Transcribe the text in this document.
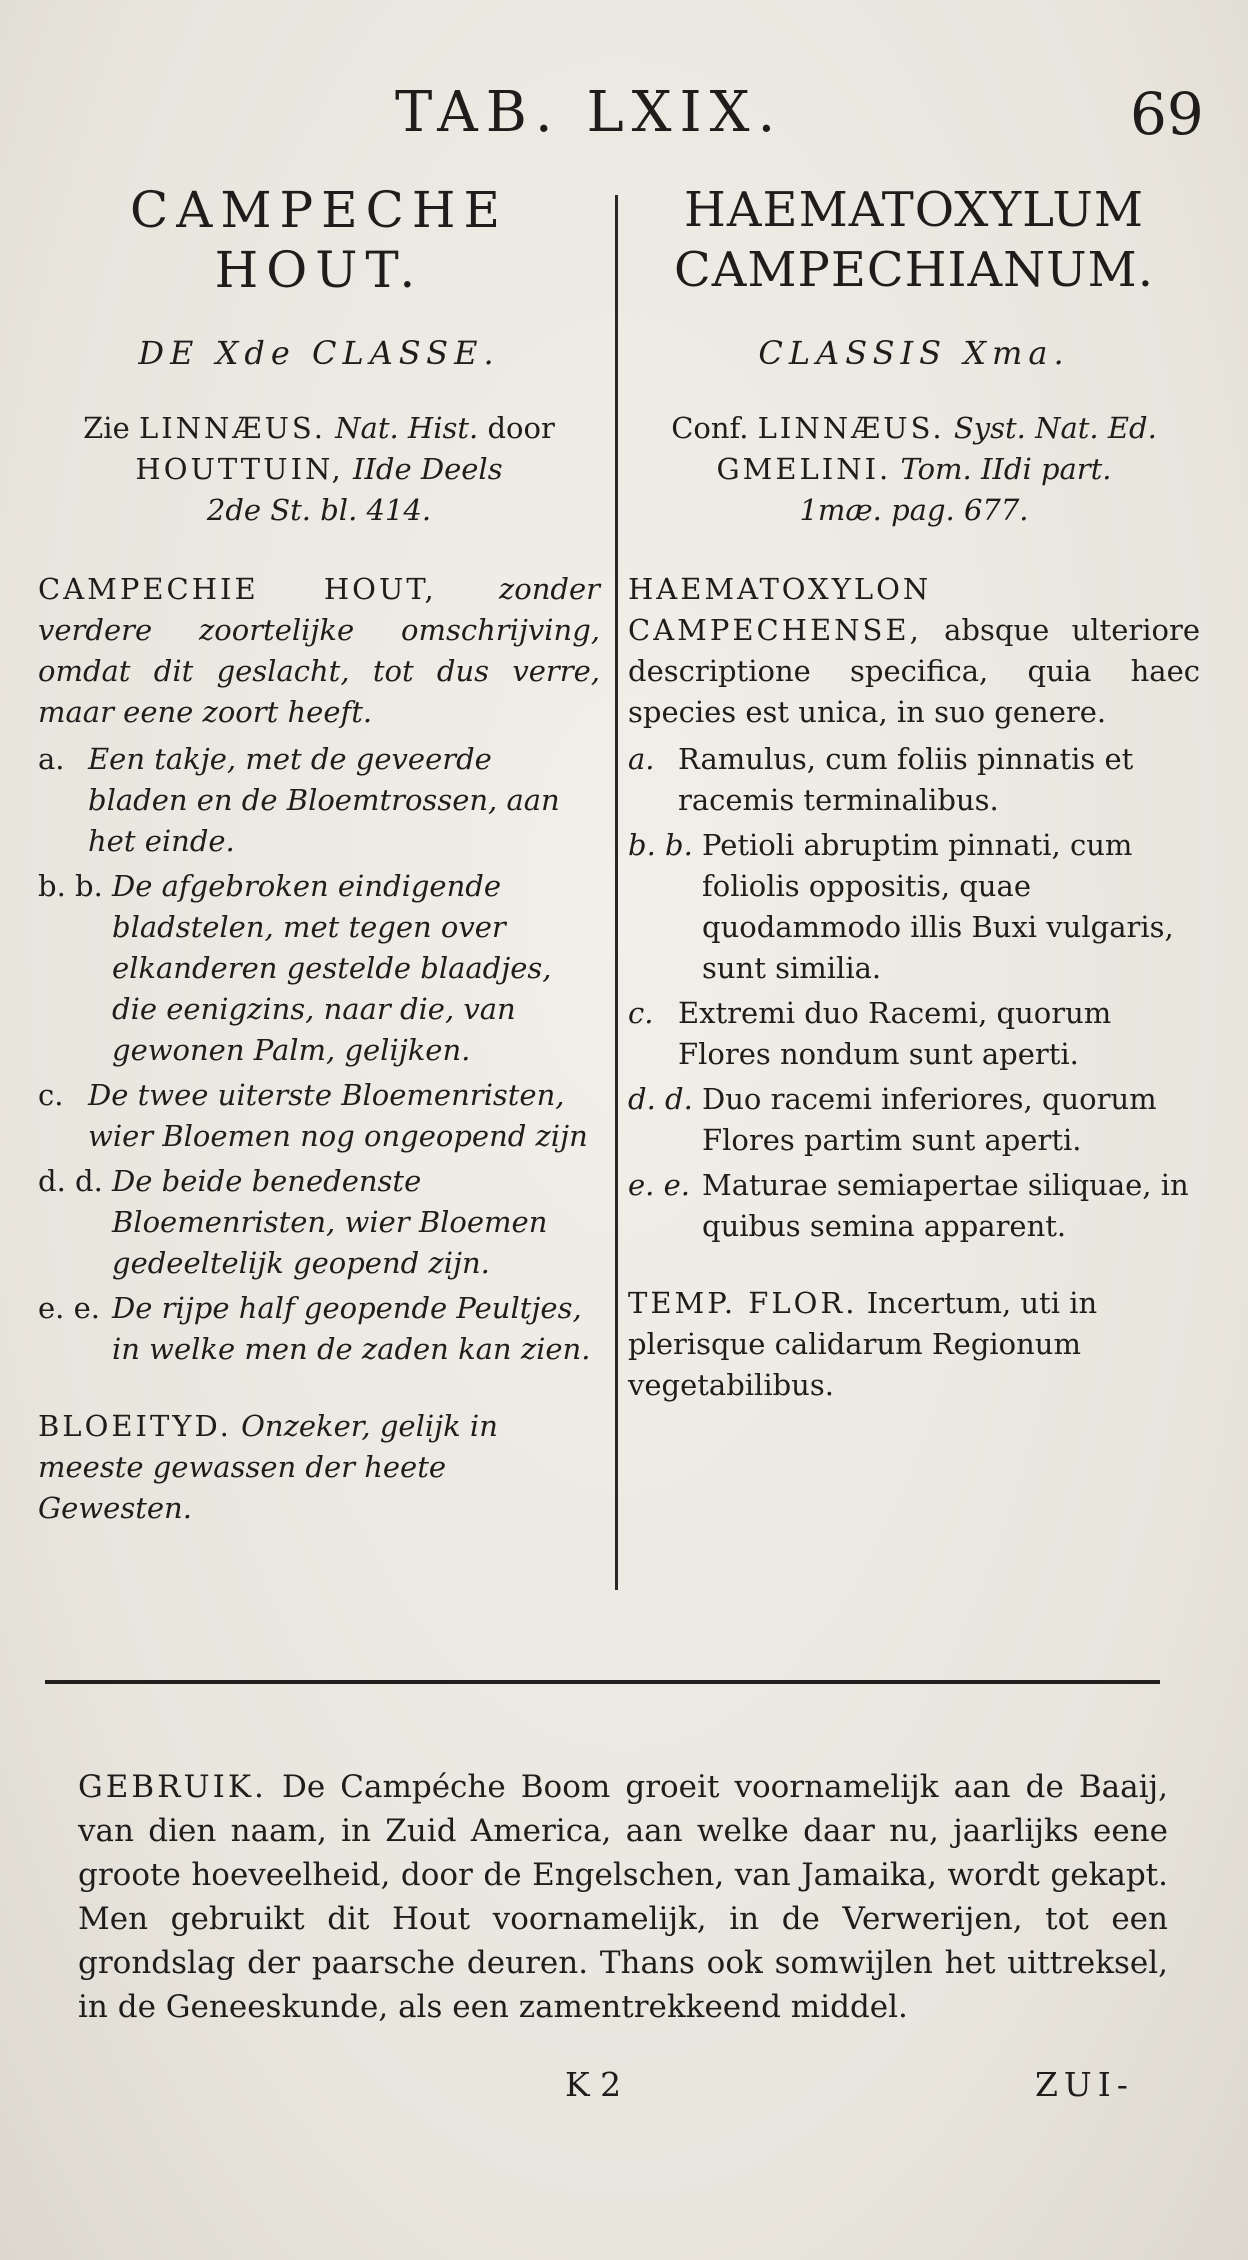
TAB. LXIX.	69
CAMPECHE
HOUT.
DE Xde CLASSE.
Zie LINNÆUS. Nat. Hist. door
HOUTTUIN, IIde Deels
2de St. bl. 414.
CAMPECHIE HOUT, zonder verdere zoortelijke omschrijving, omdat dit geslacht, tot dus verre, maar eene zoort heeft.
a. Een takje, met de geveerde bladen en de Bloemtrossen, aan het einde.
b. b. De afgebroken eindigende bladstelen, met tegen over elkanderen gestelde blaadjes, die eenigzins, naar die, van gewonen Palm, gelijken.
c. De twee uiterste Bloemenristen, wier Bloemen nog ongeopend zijn
d. d. De beide benedenste Bloemenristen, wier Bloemen gedeeltelijk geopend zijn.
e. e. De rijpe half geopende Peultjes, in welke men de zaden kan zien.
BLOEITYD. Onzeker, gelijk in meeste gewassen der heete Gewesten.
HAEMATOXYLUM
CAMPECHIANUM.
CLASSIS Xma.
Conf. LINNÆUS. Syst. Nat. Ed.
GMELINI. Tom. IIdi part.
1mæ. pag. 677.
HAEMATOXYLON CAMPECHENSE, absque ulteriore descriptione specifica, quia haec species est unica, in suo genere.
a. Ramulus, cum foliis pinnatis et racemis terminalibus.
b. b. Petioli abruptim pinnati, cum foliolis oppositis, quae quodammodo illis Buxi vulgaris, sunt similia.
c. Extremi duo Racemi, quorum Flores nondum sunt aperti.
d. d. Duo racemi inferiores, quorum Flores partim sunt aperti.
e. e. Maturae semiapertae siliquae, in quibus semina apparent.
TEMP. FLOR. Incertum, uti in plerisque calidarum Regionum vegetabilibus.
GEBRUIK. De Campéche Boom groeit voornamelijk aan de Baaij, van dien naam, in Zuid America, aan welke daar nu, jaarlijks eene groote hoeveelheid, door de Engelschen, van Jamaika, wordt gekapt. Men gebruikt dit Hout voornamelijk, in de Verwerijen, tot een grondslag der paarsche deuren. Thans ook somwijlen het uittreksel, in de Geneeskunde, als een zamentrekkeend middel.
K 2	ZUI-
